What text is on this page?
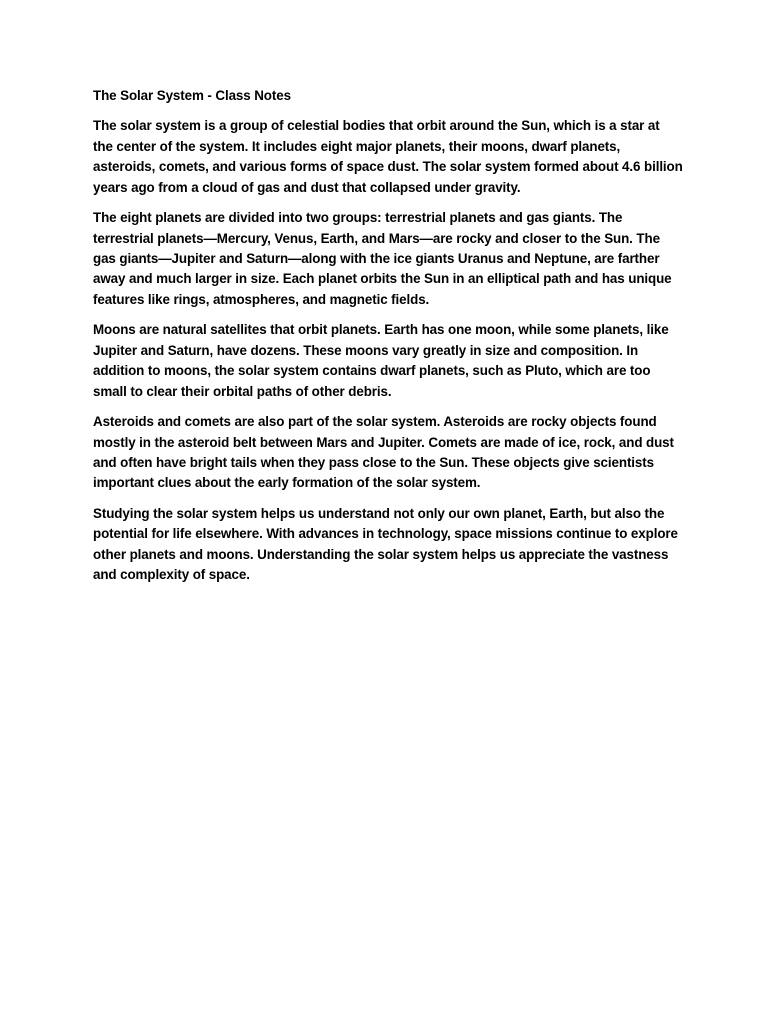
The Solar System - Class Notes

The solar system is a group of celestial bodies that orbit around the Sun, which is a star at the center of the system. It includes eight major planets, their moons, dwarf planets, asteroids, comets, and various forms of space dust. The solar system formed about 4.6 billion years ago from a cloud of gas and dust that collapsed under gravity.

The eight planets are divided into two groups: terrestrial planets and gas giants. The terrestrial planets—Mercury, Venus, Earth, and Mars—are rocky and closer to the Sun. The gas giants—Jupiter and Saturn—along with the ice giants Uranus and Neptune, are farther away and much larger in size. Each planet orbits the Sun in an elliptical path and has unique features like rings, atmospheres, and magnetic fields.

Moons are natural satellites that orbit planets. Earth has one moon, while some planets, like Jupiter and Saturn, have dozens. These moons vary greatly in size and composition. In addition to moons, the solar system contains dwarf planets, such as Pluto, which are too small to clear their orbital paths of other debris.

Asteroids and comets are also part of the solar system. Asteroids are rocky objects found mostly in the asteroid belt between Mars and Jupiter. Comets are made of ice, rock, and dust and often have bright tails when they pass close to the Sun. These objects give scientists important clues about the early formation of the solar system.

Studying the solar system helps us understand not only our own planet, Earth, but also the potential for life elsewhere. With advances in technology, space missions continue to explore other planets and moons. Understanding the solar system helps us appreciate the vastness and complexity of space.
